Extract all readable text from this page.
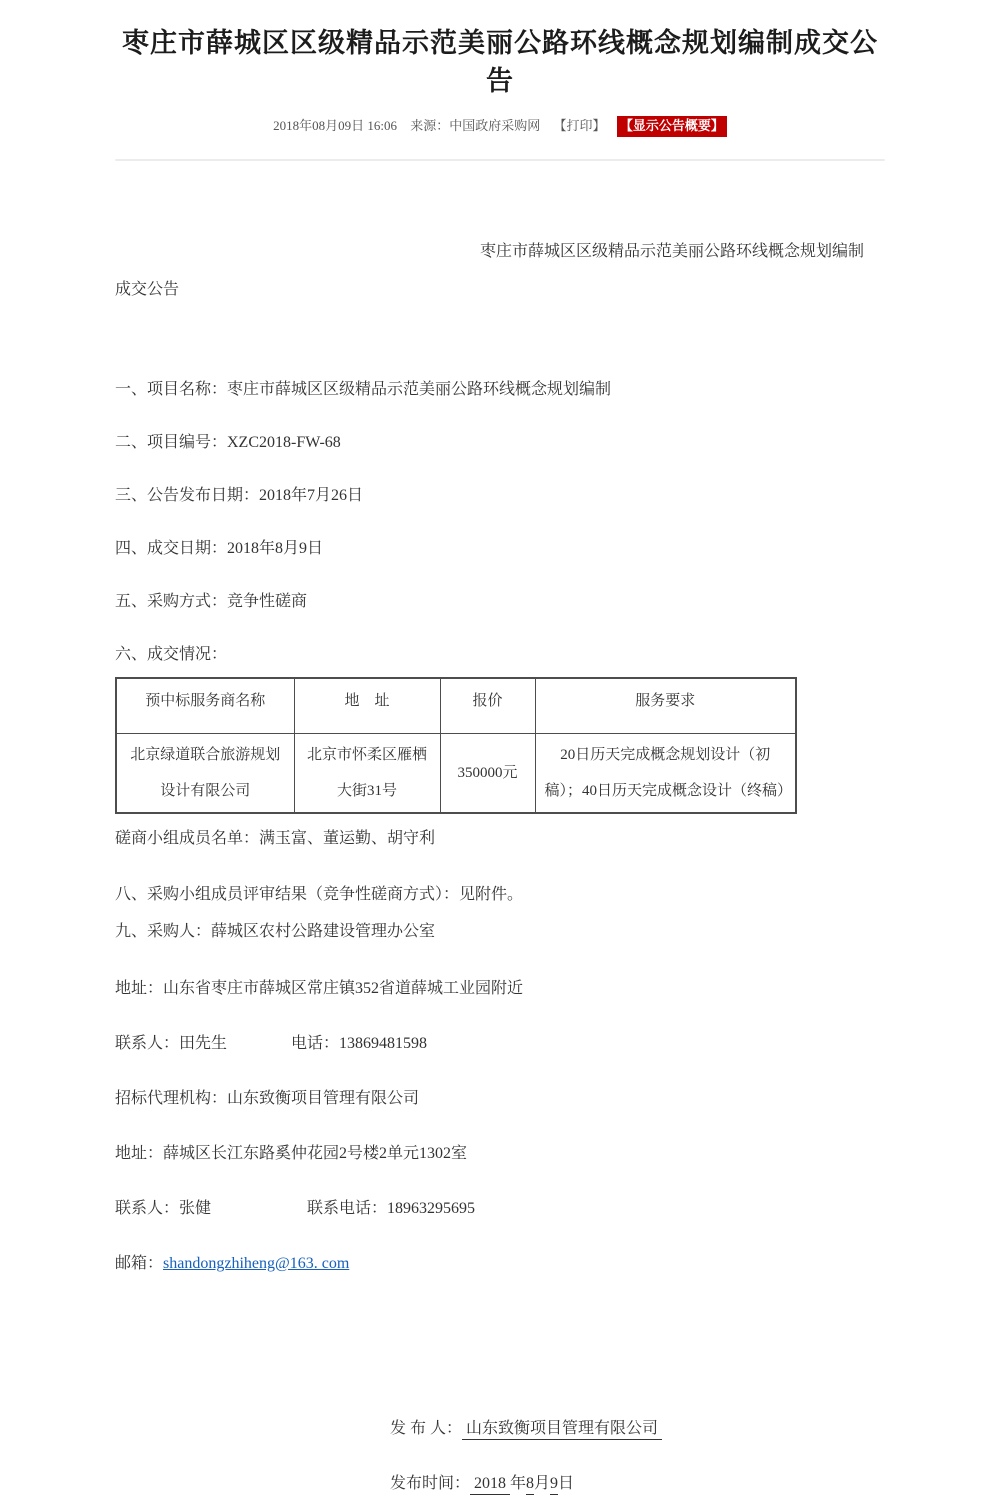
枣庄市薛城区区级精品示范美丽公路环线概念规划编制成交公告
2018年08月09日 16:06 来源：中国政府采购网 【打印】 【显示公告概要】
枣庄市薛城区区级精品示范美丽公路环线概念规划编制
成交公告

一、项目名称：枣庄市薛城区区级精品示范美丽公路环线概念规划编制

二、项目编号：XZC2018-FW-68

三、公告发布日期：2018年7月26日

四、成交日期：2018年8月9日

五、采购方式：竞争性磋商

六、成交情况：

预中标服务商名称	地　址	报价	服务要求
北京绿道联合旅游规划设计有限公司	北京市怀柔区雁栖大街31号	350000元	20日历天完成概念规划设计（初稿）；40日历天完成概念设计（终稿）

磋商小组成员名单：满玉富、董运勤、胡守利

八、采购小组成员评审结果（竞争性磋商方式）：见附件。

九、采购人：薛城区农村公路建设管理办公室

地址：山东省枣庄市薛城区常庄镇352省道薛城工业园附近

联系人：田先生　　　　电话：13869481598

招标代理机构：山东致衡项目管理有限公司

地址：薛城区长江东路奚仲花园2号楼2单元1302室

联系人：张健　　　　　　联系电话：18963295695

邮箱：shandongzhiheng@163. com

发 布 人： 山东致衡项目管理有限公司
发布时间： 2018 年8月9日
